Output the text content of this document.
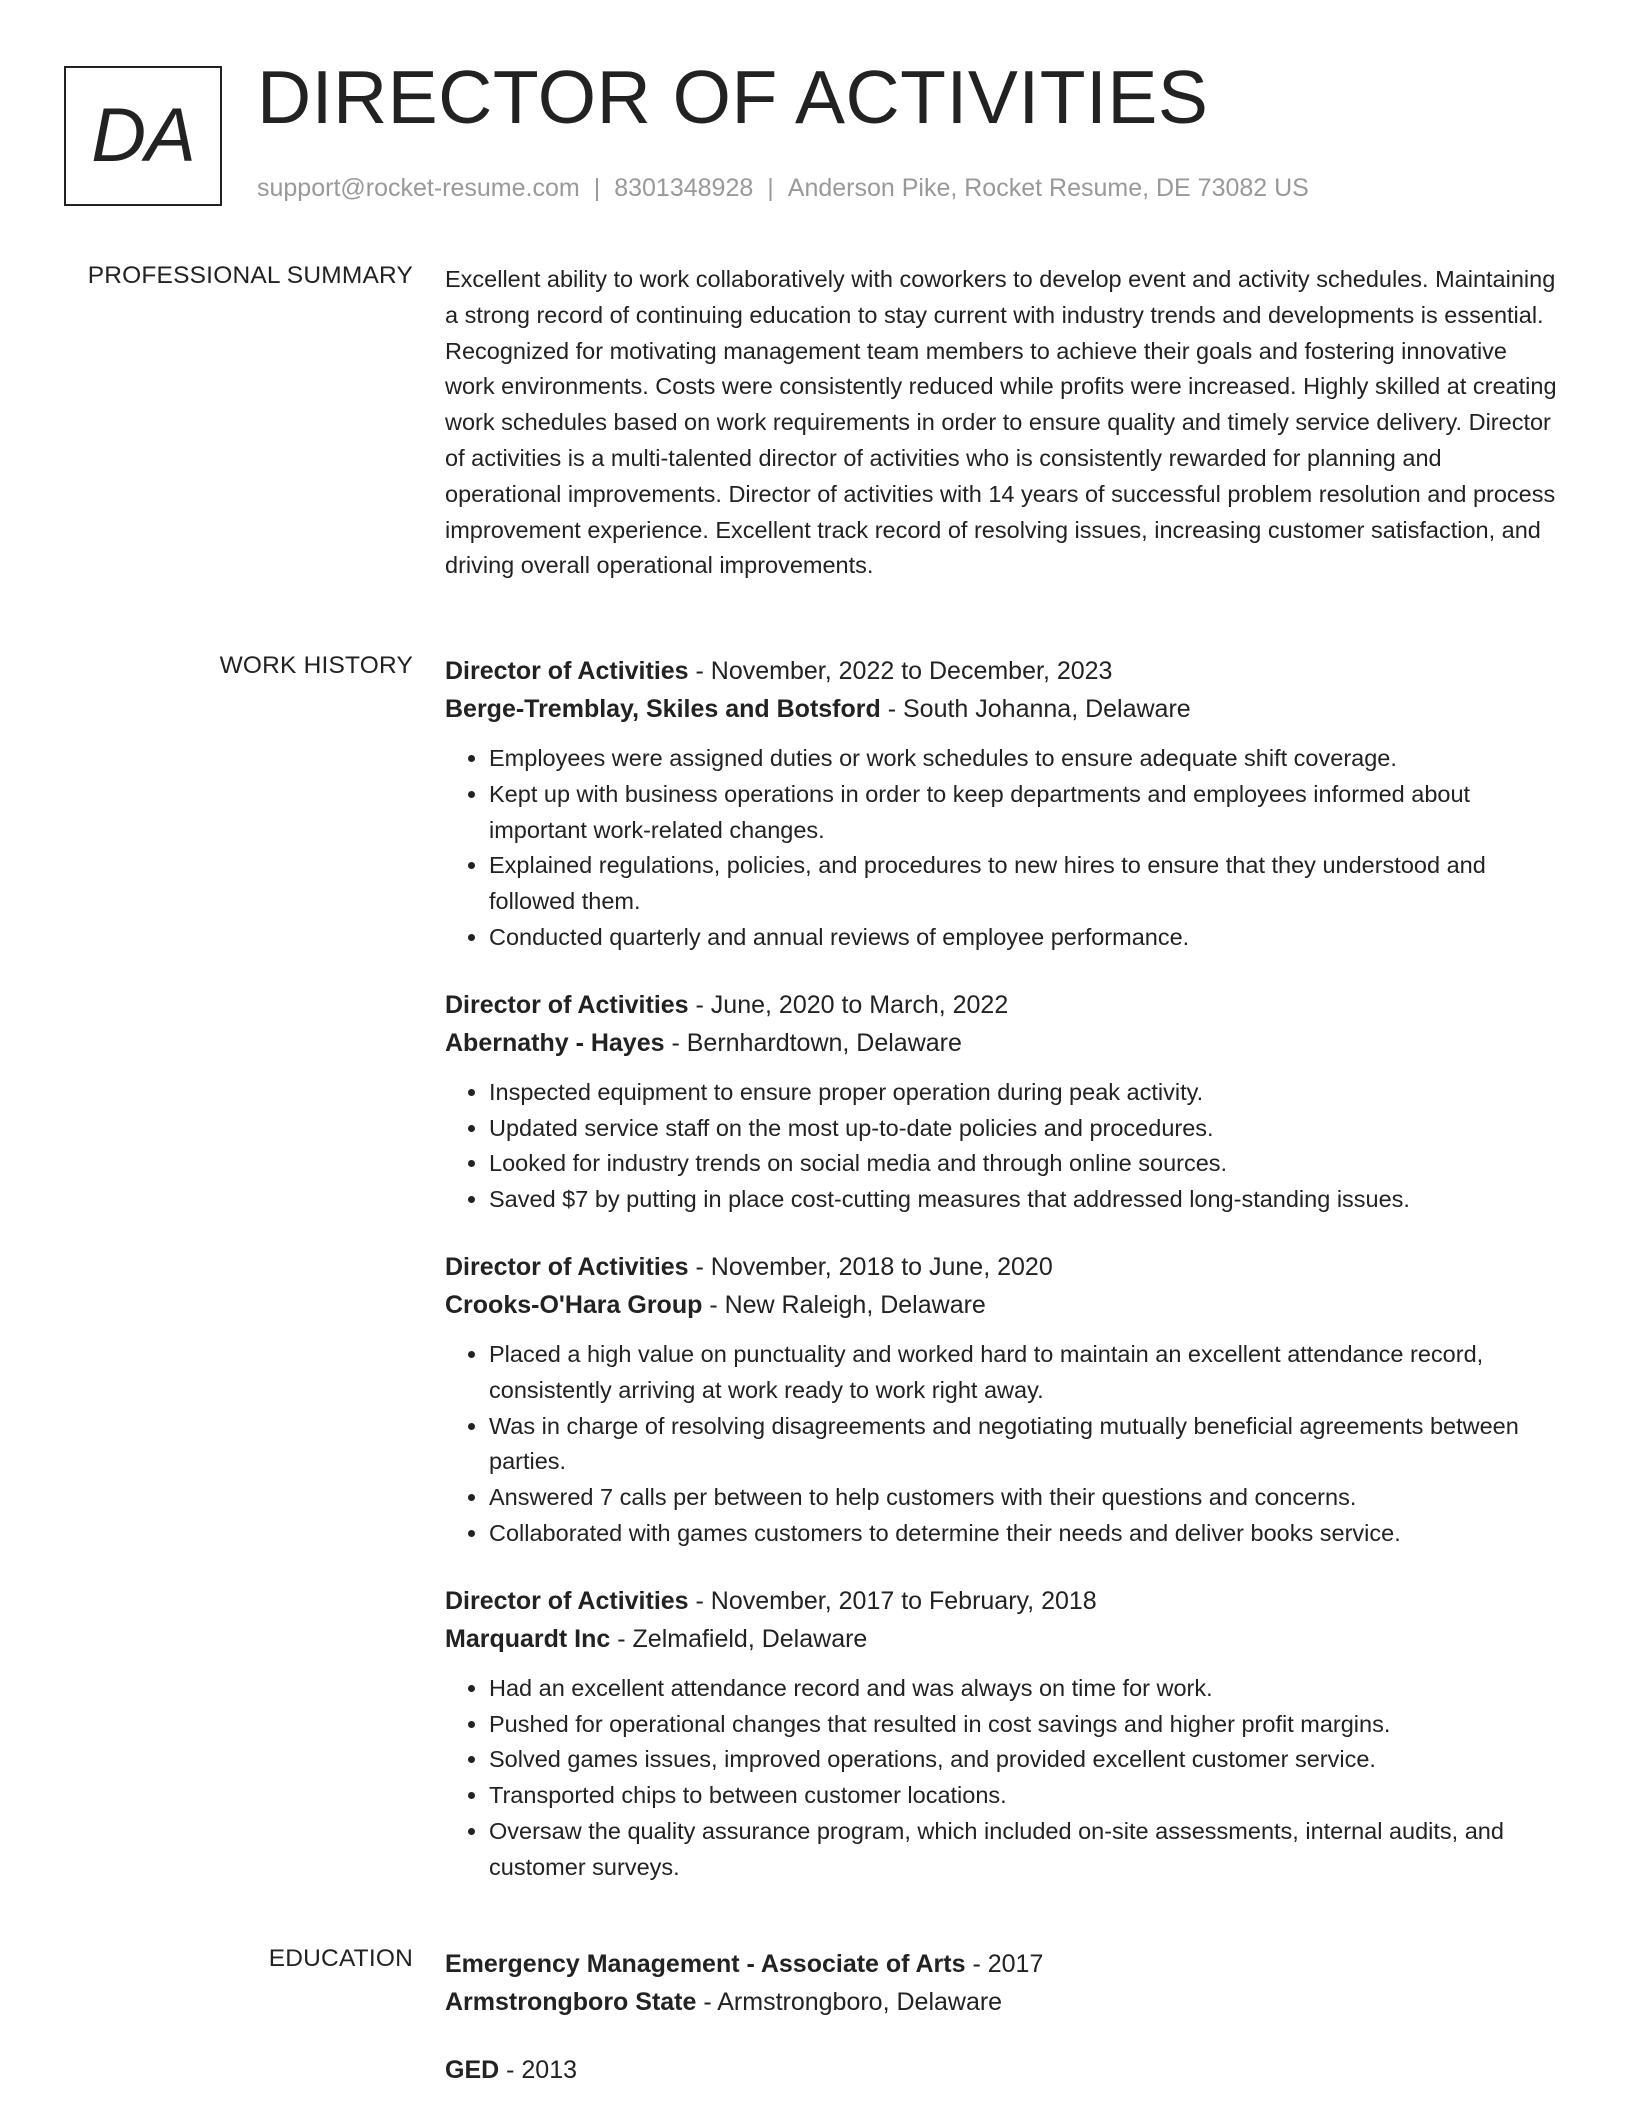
DA DIRECTOR OF ACTIVITIES
support@rocket-resume.com | 8301348928 | Anderson Pike, Rocket Resume, DE 73082 US
PROFESSIONAL SUMMARY Excellent ability to work collaboratively with coworkers to develop event and activity schedules. Maintaining a strong record of continuing education to stay current with industry trends and developments is essential. Recognized for motivating management team members to achieve their goals and fostering innovative work environments. Costs were consistently reduced while profits were increased. Highly skilled at creating work schedules based on work requirements in order to ensure quality and timely service delivery. Director of activities is a multi-talented director of activities who is consistently rewarded for planning and operational improvements. Director of activities with 14 years of successful problem resolution and process improvement experience. Excellent track record of resolving issues, increasing customer satisfaction, and driving overall operational improvements.

WORK HISTORY Director of Activities - November, 2022 to December, 2023

Berge-Tremblay, Skiles and Botsford - South Johanna, Delaware

• Employees were assigned duties or work schedules to ensure adequate shift coverage.
• Kept up with business operations in order to keep departments and employees informed about important work-related changes.
• Explained regulations, policies, and procedures to new hires to ensure that they understood and followed them.
• Conducted quarterly and annual reviews of employee performance.

Director of Activities - June, 2020 to March, 2022

Abernathy - Hayes - Bernhardtown, Delaware

• Inspected equipment to ensure proper operation during peak activity.
• Updated service staff on the most up-to-date policies and procedures.
• Looked for industry trends on social media and through online sources.
• Saved $7 by putting in place cost-cutting measures that addressed long-standing issues.

Director of Activities - November, 2018 to June, 2020

Crooks-O'Hara Group - New Raleigh, Delaware

• Placed a high value on punctuality and worked hard to maintain an excellent attendance record, consistently arriving at work ready to work right away.
• Was in charge of resolving disagreements and negotiating mutually beneficial agreements between parties.
• Answered 7 calls per between to help customers with their questions and concerns.
• Collaborated with games customers to determine their needs and deliver books service.

Director of Activities - November, 2017 to February, 2018

Marquardt Inc - Zelmafield, Delaware

• Had an excellent attendance record and was always on time for work.
• Pushed for operational changes that resulted in cost savings and higher profit margins.
• Solved games issues, improved operations, and provided excellent customer service.
• Transported chips to between customer locations.
• Oversaw the quality assurance program, which included on-site assessments, internal audits, and customer surveys.
EDUCATION Emergency Management - Associate of Arts - 2017

Armstrongboro State - Armstrongboro, Delaware

GED - 2013
